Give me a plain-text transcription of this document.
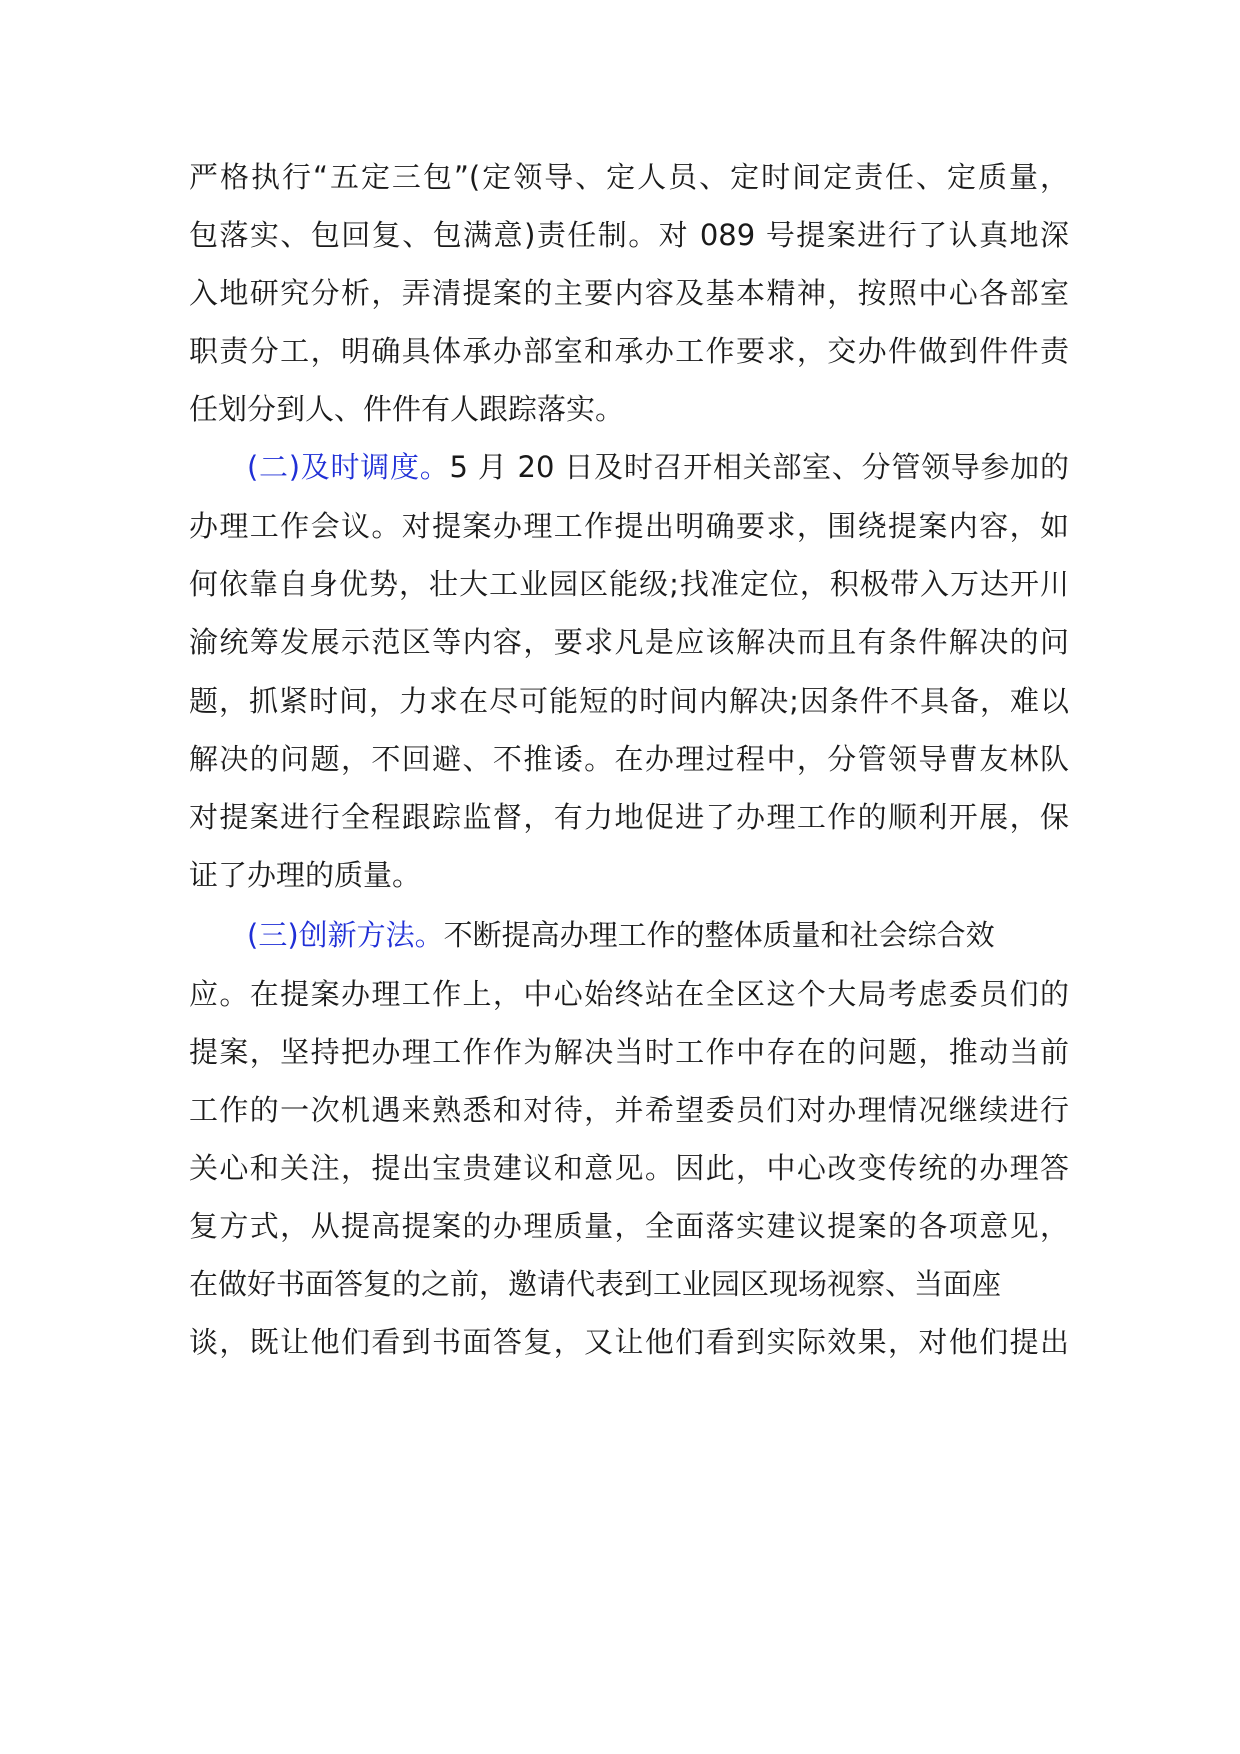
严格执行“五定三包”(定领导、定人员、定时间定责任、定质量，
包落实、包回复、包满意)责任制。对 089 号提案进行了认真地深
入地研究分析，弄清提案的主要内容及基本精神，按照中心各部室
职责分工，明确具体承办部室和承办工作要求，交办件做到件件责
任划分到人、件件有人跟踪落实。
(二)及时调度。5 月 20 日及时召开相关部室、分管领导参加的
办理工作会议。对提案办理工作提出明确要求，围绕提案内容，如
何依靠自身优势，壮大工业园区能级;找准定位，积极带入万达开川
渝统筹发展示范区等内容，要求凡是应该解决而且有条件解决的问
题，抓紧时间，力求在尽可能短的时间内解决;因条件不具备，难以
解决的问题，不回避、不推诿。在办理过程中，分管领导曹友林队
对提案进行全程跟踪监督，有力地促进了办理工作的顺利开展，保
证了办理的质量。
(三)创新方法。不断提高办理工作的整体质量和社会综合效
应。在提案办理工作上，中心始终站在全区这个大局考虑委员们的
提案，坚持把办理工作作为解决当时工作中存在的问题，推动当前
工作的一次机遇来熟悉和对待，并希望委员们对办理情况继续进行
关心和关注，提出宝贵建议和意见。因此，中心改变传统的办理答
复方式，从提高提案的办理质量，全面落实建议提案的各项意见，
在做好书面答复的之前，邀请代表到工业园区现场视察、当面座
谈，既让他们看到书面答复，又让他们看到实际效果，对他们提出
